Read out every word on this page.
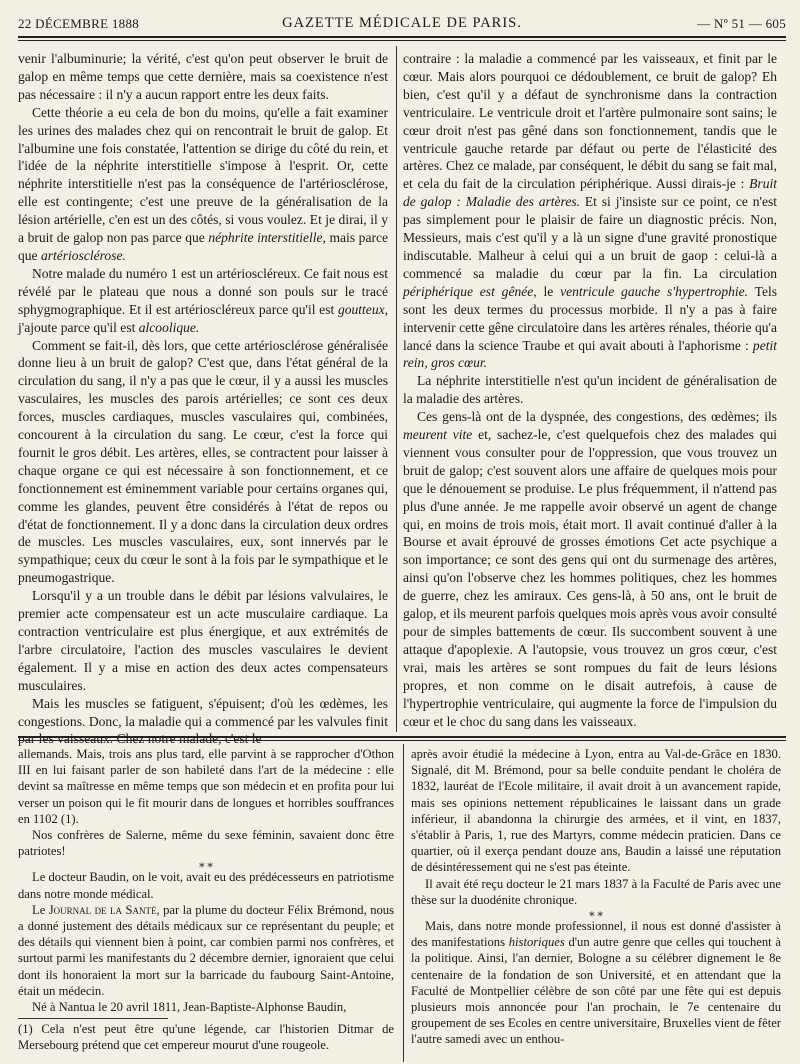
22 DÉCEMBRE 1888	GAZETTE MÉDICALE DE PARIS.	— Nº 51 — 605

venir l'albuminurie; la vérité, c'est qu'on peut observer le bruit de galop en même temps que cette dernière, mais sa coexistence n'est pas nécessaire : il n'y a aucun rapport entre les deux faits.

Cette théorie a eu cela de bon du moins, qu'elle a fait examiner les urines des malades chez qui on rencontrait le bruit de galop. Et l'albumine une fois constatée, l'attention se dirige du côté du rein, et l'idée de la néphrite interstitielle s'impose à l'esprit. Or, cette néphrite interstitielle n'est pas la conséquence de l'artériosclérose, elle est contingente; c'est une preuve de la généralisation de la lésion artérielle, c'en est un des côtés, si vous voulez. Et je dirai, il y a bruit de galop non pas parce que néphrite interstitielle, mais parce que artériosclérose.

Notre malade du numéro 1 est un artérioscléreux. Ce fait nous est révélé par le plateau que nous a donné son pouls sur le tracé sphygmographique. Et il est artérioscléreux parce qu'il est goutteux, j'ajoute parce qu'il est alcoolique.

Comment se fait-il, dès lors, que cette artériosclérose généralisée donne lieu à un bruit de galop? C'est que, dans l'état général de la circulation du sang, il n'y a pas que le cœur, il y a aussi les muscles vasculaires, les muscles des parois artérielles; ce sont ces deux forces, muscles cardiaques, muscles vasculaires qui, combinées, concourent à la circulation du sang. Le cœur, c'est la force qui fournit le gros débit. Les artères, elles, se contractent pour laisser à chaque organe ce qui est nécessaire à son fonctionnement, et ce fonctionnement est éminemment variable pour certains organes qui, comme les glandes, peuvent être considérés à l'état de repos ou d'état de fonctionnement. Il y a donc dans la circulation deux ordres de muscles. Les muscles vasculaires, eux, sont innervés par le sympathique; ceux du cœur le sont à la fois par le sympathique et le pneumogastrique.

Lorsqu'il y a un trouble dans le débit par lésions valvulaires, le premier acte compensateur est un acte musculaire cardiaque. La contraction ventriculaire est plus énergique, et aux extrémités de l'arbre circulatoire, l'action des muscles vasculaires le devient également. Il y a mise en action des deux actes compensateurs musculaires.

Mais les muscles se fatiguent, s'épuisent; d'où les œdèmes, les congestions. Donc, la maladie qui a commencé par les valvules finit par les vaisseaux. Chez notre malade, c'est le

contraire : la maladie a commencé par les vaisseaux, et finit par le cœur. Mais alors pourquoi ce dédoublement, ce bruit de galop? Eh bien, c'est qu'il y a défaut de synchronisme dans la contraction ventriculaire. Le ventricule droit et l'artère pulmonaire sont sains; le cœur droit n'est pas gêné dans son fonctionnement, tandis que le ventricule gauche retarde par défaut ou perte de l'élasticité des artères. Chez ce malade, par conséquent, le débit du sang se fait mal, et cela du fait de la circulation périphérique. Aussi dirais-je : Bruit de galop : Maladie des artères. Et si j'insiste sur ce point, ce n'est pas simplement pour le plaisir de faire un diagnostic précis. Non, Messieurs, mais c'est qu'il y a là un signe d'une gravité pronostique indiscutable. Malheur à celui qui a un bruit de gaop : celui-là a commencé sa maladie du cœur par la fin. La circulation périphérique est gênée, le ventricule gauche s'hypertrophie. Tels sont les deux termes du processus morbide. Il n'y a pas à faire intervenir cette gêne circulatoire dans les artères rénales, théorie qu'a lancé dans la science Traube et qui avait abouti à l'aphorisme : petit rein, gros cœur.

La néphrite interstitielle n'est qu'un incident de généralisation de la maladie des artères.

Ces gens-là ont de la dyspnée, des congestions, des œdèmes; ils meurent vite et, sachez-le, c'est quelquefois chez des malades qui viennent vous consulter pour de l'oppression, que vous trouvez un bruit de galop; c'est souvent alors une affaire de quelques mois pour que le dénouement se produise. Le plus fréquemment, il n'attend pas plus d'une année. Je me rappelle avoir observé un agent de change qui, en moins de trois mois, était mort. Il avait continué d'aller à la Bourse et avait éprouvé de grosses émotions Cet acte psychique a son importance; ce sont des gens qui ont du surmenage des artères, ainsi qu'on l'observe chez les hommes politiques, chez les hommes de guerre, chez les amiraux. Ces gens-là, à 50 ans, ont le bruit de galop, et ils meurent parfois quelques mois après vous avoir consulté pour de simples battements de cœur. Ils succombent souvent à une attaque d'apoplexie. A l'autopsie, vous trouvez un gros cœur, c'est vrai, mais les artères se sont rompues du fait de leurs lésions propres, et non comme on le disait autrefois, à cause de l'hypertrophie ventriculaire, qui augmente la force de l'impulsion du cœur et le choc du sang dans les vaisseaux.

allemands. Mais, trois ans plus tard, elle parvint à se rapprocher d'Othon III en lui faisant parler de son habileté dans l'art de la médecine : elle devint sa maîtresse en même temps que son médecin et en profita pour lui verser un poison qui le fit mourir dans de longues et horribles souffrances en 1102 (1).

Nos confrères de Salerne, même du sexe féminin, savaient donc être patriotes!

⁎ ⁎

Le docteur Baudin, on le voit, avait eu des prédécesseurs en patriotisme dans notre monde médical.

Le Journal de la Santé, par la plume du docteur Félix Brémond, nous a donné justement des détails médicaux sur ce représentant du peuple; et des détails qui viennent bien à point, car combien parmi nos confrères, et surtout parmi les manifestants du 2 décembre dernier, ignoraient que celui dont ils honoraient la mort sur la barricade du faubourg Saint-Antoine, était un médecin.

Né à Nantua le 20 avril 1811, Jean-Baptiste-Alphonse Baudin,

(1) Cela n'est peut être qu'une légende, car l'historien Ditmar de Mersebourg prétend que cet empereur mourut d'une rougeole.

après avoir étudié la médecine à Lyon, entra au Val-de-Grâce en 1830. Signalé, dit M. Brémond, pour sa belle conduite pendant le choléra de 1832, lauréat de l'Ecole militaire, il avait droit à un avancement rapide, mais ses opinions nettement républicaines le laissant dans un grade inférieur, il abandonna la chirurgie des armées, et il vint, en 1837, s'établir à Paris, 1, rue des Martyrs, comme médecin praticien. Dans ce quartier, où il exerça pendant douze ans, Baudin a laissé une réputation de désintéressement qui ne s'est pas éteinte.

Il avait été reçu docteur le 21 mars 1837 à la Faculté de Paris avec une thèse sur la duodénite chronique.

⁎ ⁎

Mais, dans notre monde professionnel, il nous est donné d'assister à des manifestations historiques d'un autre genre que celles qui touchent à la politique. Ainsi, l'an dernier, Bologne a su célébrer dignement le 8e centenaire de la fondation de son Université, et en attendant que la Faculté de Montpellier célèbre de son côté par une fête qui est depuis plusieurs mois annoncée pour l'an prochain, le 7e centenaire du groupement de ses Ecoles en centre universitaire, Bruxelles vient de fêter l'autre samedi avec un enthou-
